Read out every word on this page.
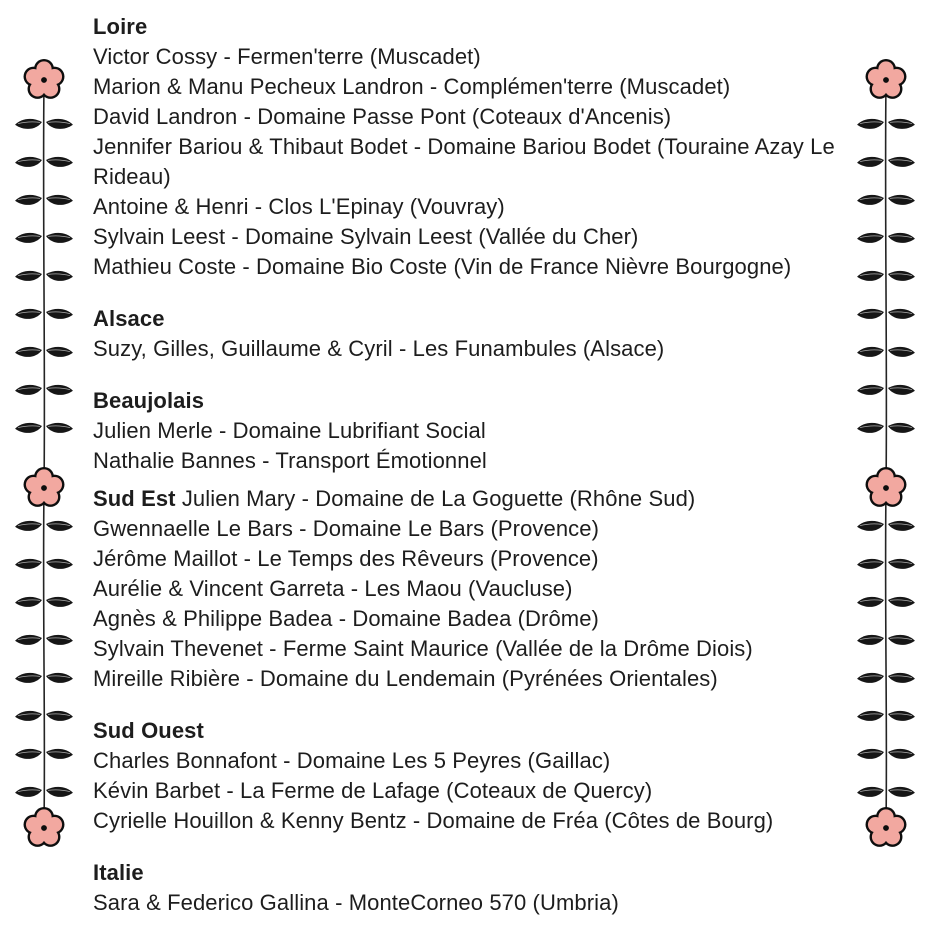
Loire

Victor Cossy - Fermen'terre (Muscadet)

Marion & Manu Pecheux Landron - Complémen'terre (Muscadet)

David Landron - Domaine Passe Pont (Coteaux d'Ancenis)

Jennifer Bariou & Thibaut Bodet - Domaine Bariou Bodet (Touraine Azay Le Rideau)

Antoine & Henri - Clos L'Epinay (Vouvray)

Sylvain Leest - Domaine Sylvain Leest (Vallée du Cher)

Mathieu Coste - Domaine Bio Coste (Vin de France Nièvre Bourgogne)

Alsace

Suzy, Gilles, Guillaume & Cyril - Les Funambules (Alsace)

Beaujolais

Julien Merle - Domaine Lubrifiant Social

Nathalie Bannes - Transport Émotionnel

Sud Est Julien Mary - Domaine de La Goguette (Rhône Sud)

Gwennaelle Le Bars - Domaine Le Bars (Provence)

Jérôme Maillot - Le Temps des Rêveurs (Provence)

Aurélie & Vincent Garreta - Les Maou (Vaucluse)

Agnès & Philippe Badea - Domaine Badea (Drôme)

Sylvain Thevenet - Ferme Saint Maurice (Vallée de la Drôme Diois)

Mireille Ribière - Domaine du Lendemain (Pyrénées Orientales)

Sud Ouest

Charles Bonnafont - Domaine Les 5 Peyres (Gaillac)

Kévin Barbet - La Ferme de Lafage (Coteaux de Quercy)

Cyrielle Houillon & Kenny Bentz - Domaine de Fréa (Côtes de Bourg)

Italie

Sara & Federico Gallina - MonteCorneo 570 (Umbria)
